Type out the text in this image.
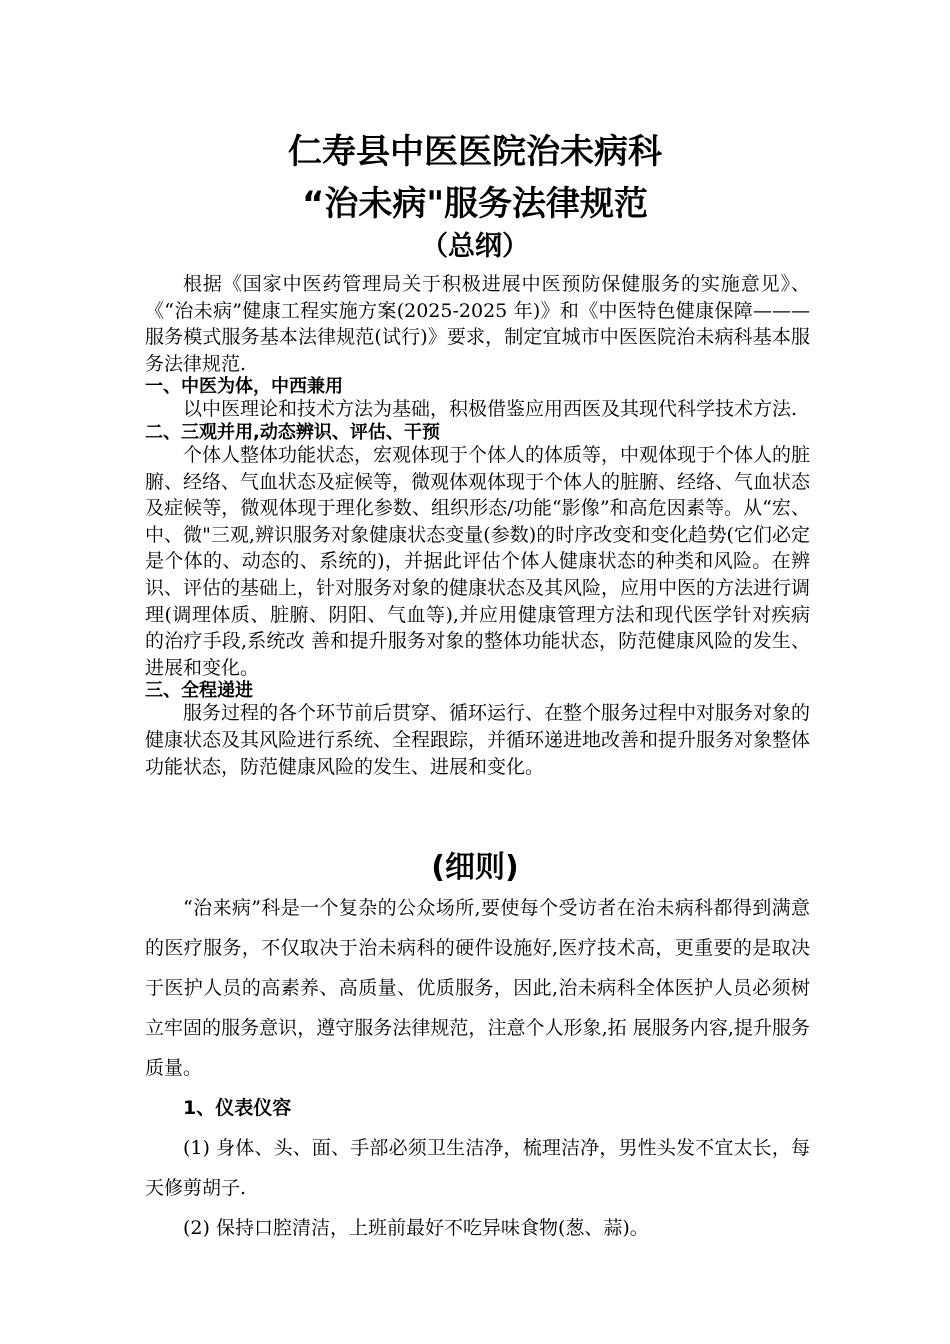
仁寿县中医医院治未病科
“治未病"服务法律规范
（总纲）

根据《国家中医药管理局关于积极进展中医预防保健服务的实施意见》、《“治未病”健康工程实施方案(2025-2025 年)》和《中医特色健康保障———服务模式服务基本法律规范(试行)》要求，制定宜城市中医医院治未病科基本服务法律规范.

一、中医为体，中西兼用

以中医理论和技术方法为基础，积极借鉴应用西医及其现代科学技术方法.

二、三观并用,动态辨识、评估、干预

个体人整体功能状态，宏观体现于个体人的体质等，中观体现于个体人的脏腑、经络、气血状态及症候等，微观体观体现于个体人的脏腑、经络、气血状态及症候等，微观体现于理化参数、组织形态/功能“影像”和高危因素等。从“宏、中、微"三观,辨识服务对象健康状态变量(参数)的时序改变和变化趋势(它们必定是个体的、动态的、系统的)，并据此评估个体人健康状态的种类和风险。在辨识、评估的基础上，针对服务对象的健康状态及其风险，应用中医的方法进行调理(调理体质、脏腑、阴阳、气血等),并应用健康管理方法和现代医学针对疾病的治疗手段,系统改 善和提升服务对象的整体功能状态，防范健康风险的发生、进展和变化。

三、全程递进

服务过程的各个环节前后贯穿、循环运行、在整个服务过程中对服务对象的健康状态及其风险进行系统、全程跟踪，并循环递进地改善和提升服务对象整体功能状态，防范健康风险的发生、进展和变化。

(细则)

“治来病”科是一个复杂的公众场所,要使每个受访者在治未病科都得到满意的医疗服务，不仅取决于治未病科的硬件设施好,医疗技术高，更重要的是取决于医护人员的高素养、高质量、优质服务，因此,治未病科全体医护人员必须树立牢固的服务意识，遵守服务法律规范，注意个人形象,拓 展服务内容,提升服务质量。

1、仪表仪容

(1) 身体、头、面、手部必须卫生洁净，梳理洁净，男性头发不宜太长，每天修剪胡子.

(2) 保持口腔清洁，上班前最好不吃异味食物(葱、蒜)。
